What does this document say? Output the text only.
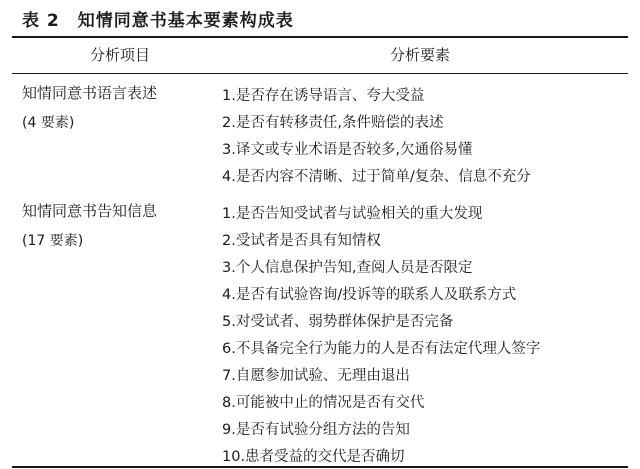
表 2 知情同意书基本要素构成表
分析项目	分析要素
知情同意书语言表述
(4 要素)
1.是否存在诱导语言、夸大受益
2.是否有转移责任,条件赔偿的表述
3.译文或专业术语是否较多,欠通俗易懂
4.是否内容不清晰、过于简单/复杂、信息不充分
知情同意书告知信息
(17 要素)
1.是否告知受试者与试验相关的重大发现
2.受试者是否具有知情权
3.个人信息保护告知,查阅人员是否限定
4.是否有试验咨询/投诉等的联系人及联系方式
5.对受试者、弱势群体保护是否完备
6.不具备完全行为能力的人是否有法定代理人签字
7.自愿参加试验、无理由退出
8.可能被中止的情况是否有交代
9.是否有试验分组方法的告知
10.患者受益的交代是否确切
